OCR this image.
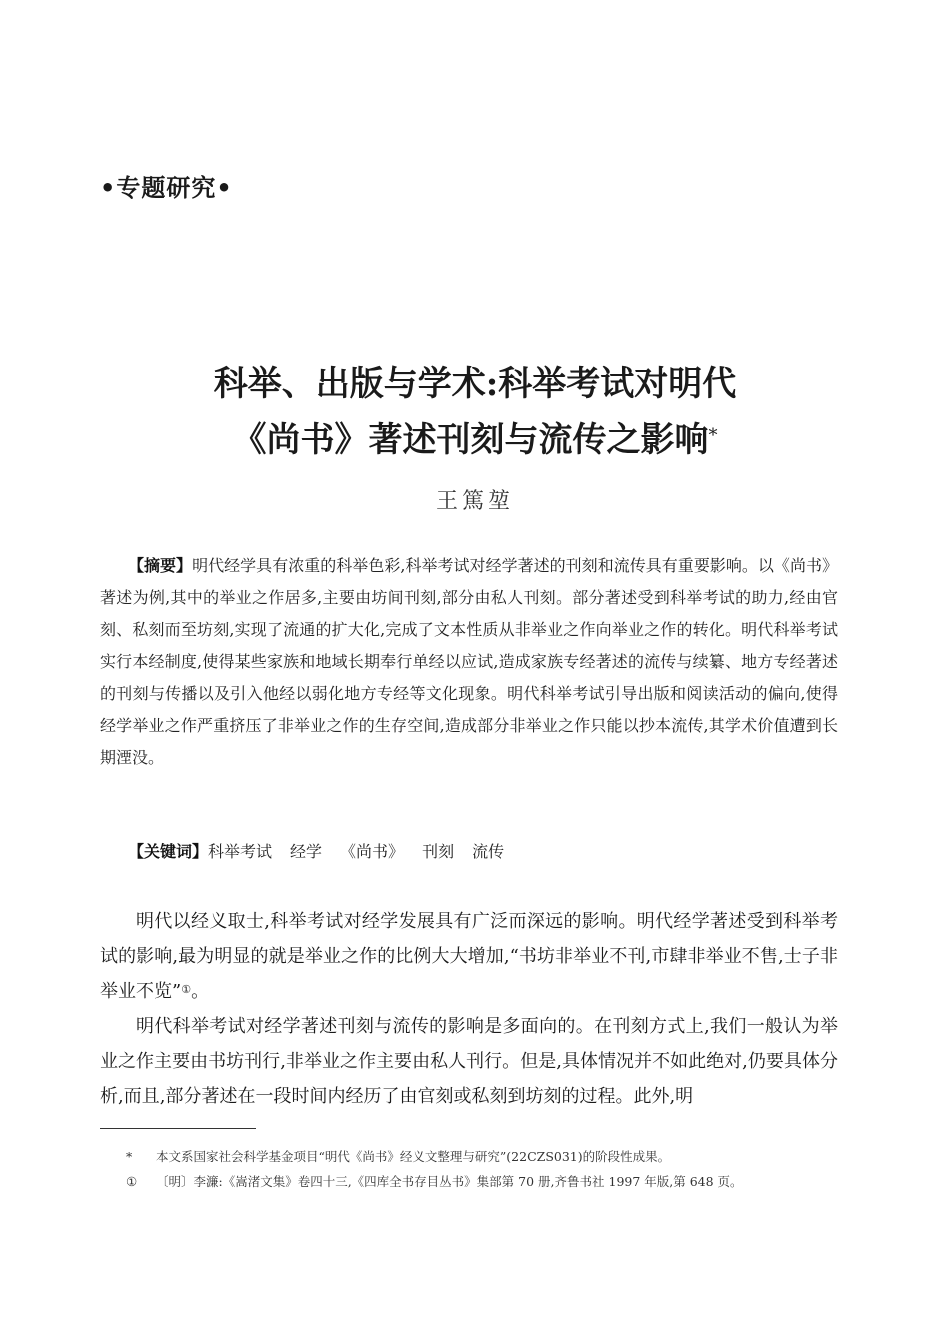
•专题研究•
科举、出版与学术:科举考试对明代
《尚书》著述刊刻与流传之影响*
王篤堃
【摘要】明代经学具有浓重的科举色彩,科举考试对经学著述的刊刻和流传具有重要影响。以《尚书》著述为例,其中的举业之作居多,主要由坊间刊刻,部分由私人刊刻。部分著述受到科举考试的助力,经由官刻、私刻而至坊刻,实现了流通的扩大化,完成了文本性质从非举业之作向举业之作的转化。明代科举考试实行本经制度,使得某些家族和地域长期奉行单经以应试,造成家族专经著述的流传与续纂、地方专经著述的刊刻与传播以及引入他经以弱化地方专经等文化现象。明代科举考试引导出版和阅读活动的偏向,使得经学举业之作严重挤压了非举业之作的生存空间,造成部分非举业之作只能以抄本流传,其学术价值遭到长期湮没。
【关键词】科举考试 经学 《尚书》 刊刻 流传

明代以经义取士,科举考试对经学发展具有广泛而深远的影响。明代经学著述受到科举考试的影响,最为明显的就是举业之作的比例大大增加,“书坊非举业不刊,市肆非举业不售,士子非举业不览”①。

明代科举考试对经学著述刊刻与流传的影响是多面向的。在刊刻方式上,我们一般认为举业之作主要由书坊刊行,非举业之作主要由私人刊行。但是,具体情况并不如此绝对,仍要具体分析,而且,部分著述在一段时间内经历了由官刻或私刻到坊刻的过程。此外,明

*	本文系国家社会科学基金项目“明代《尚书》经义文整理与研究”(22CZS031)的阶段性成果。
①	〔明〕李濂:《嵩渚文集》卷四十三,《四库全书存目丛书》集部第 70 册,齐鲁书社 1997 年版,第 648 页。
